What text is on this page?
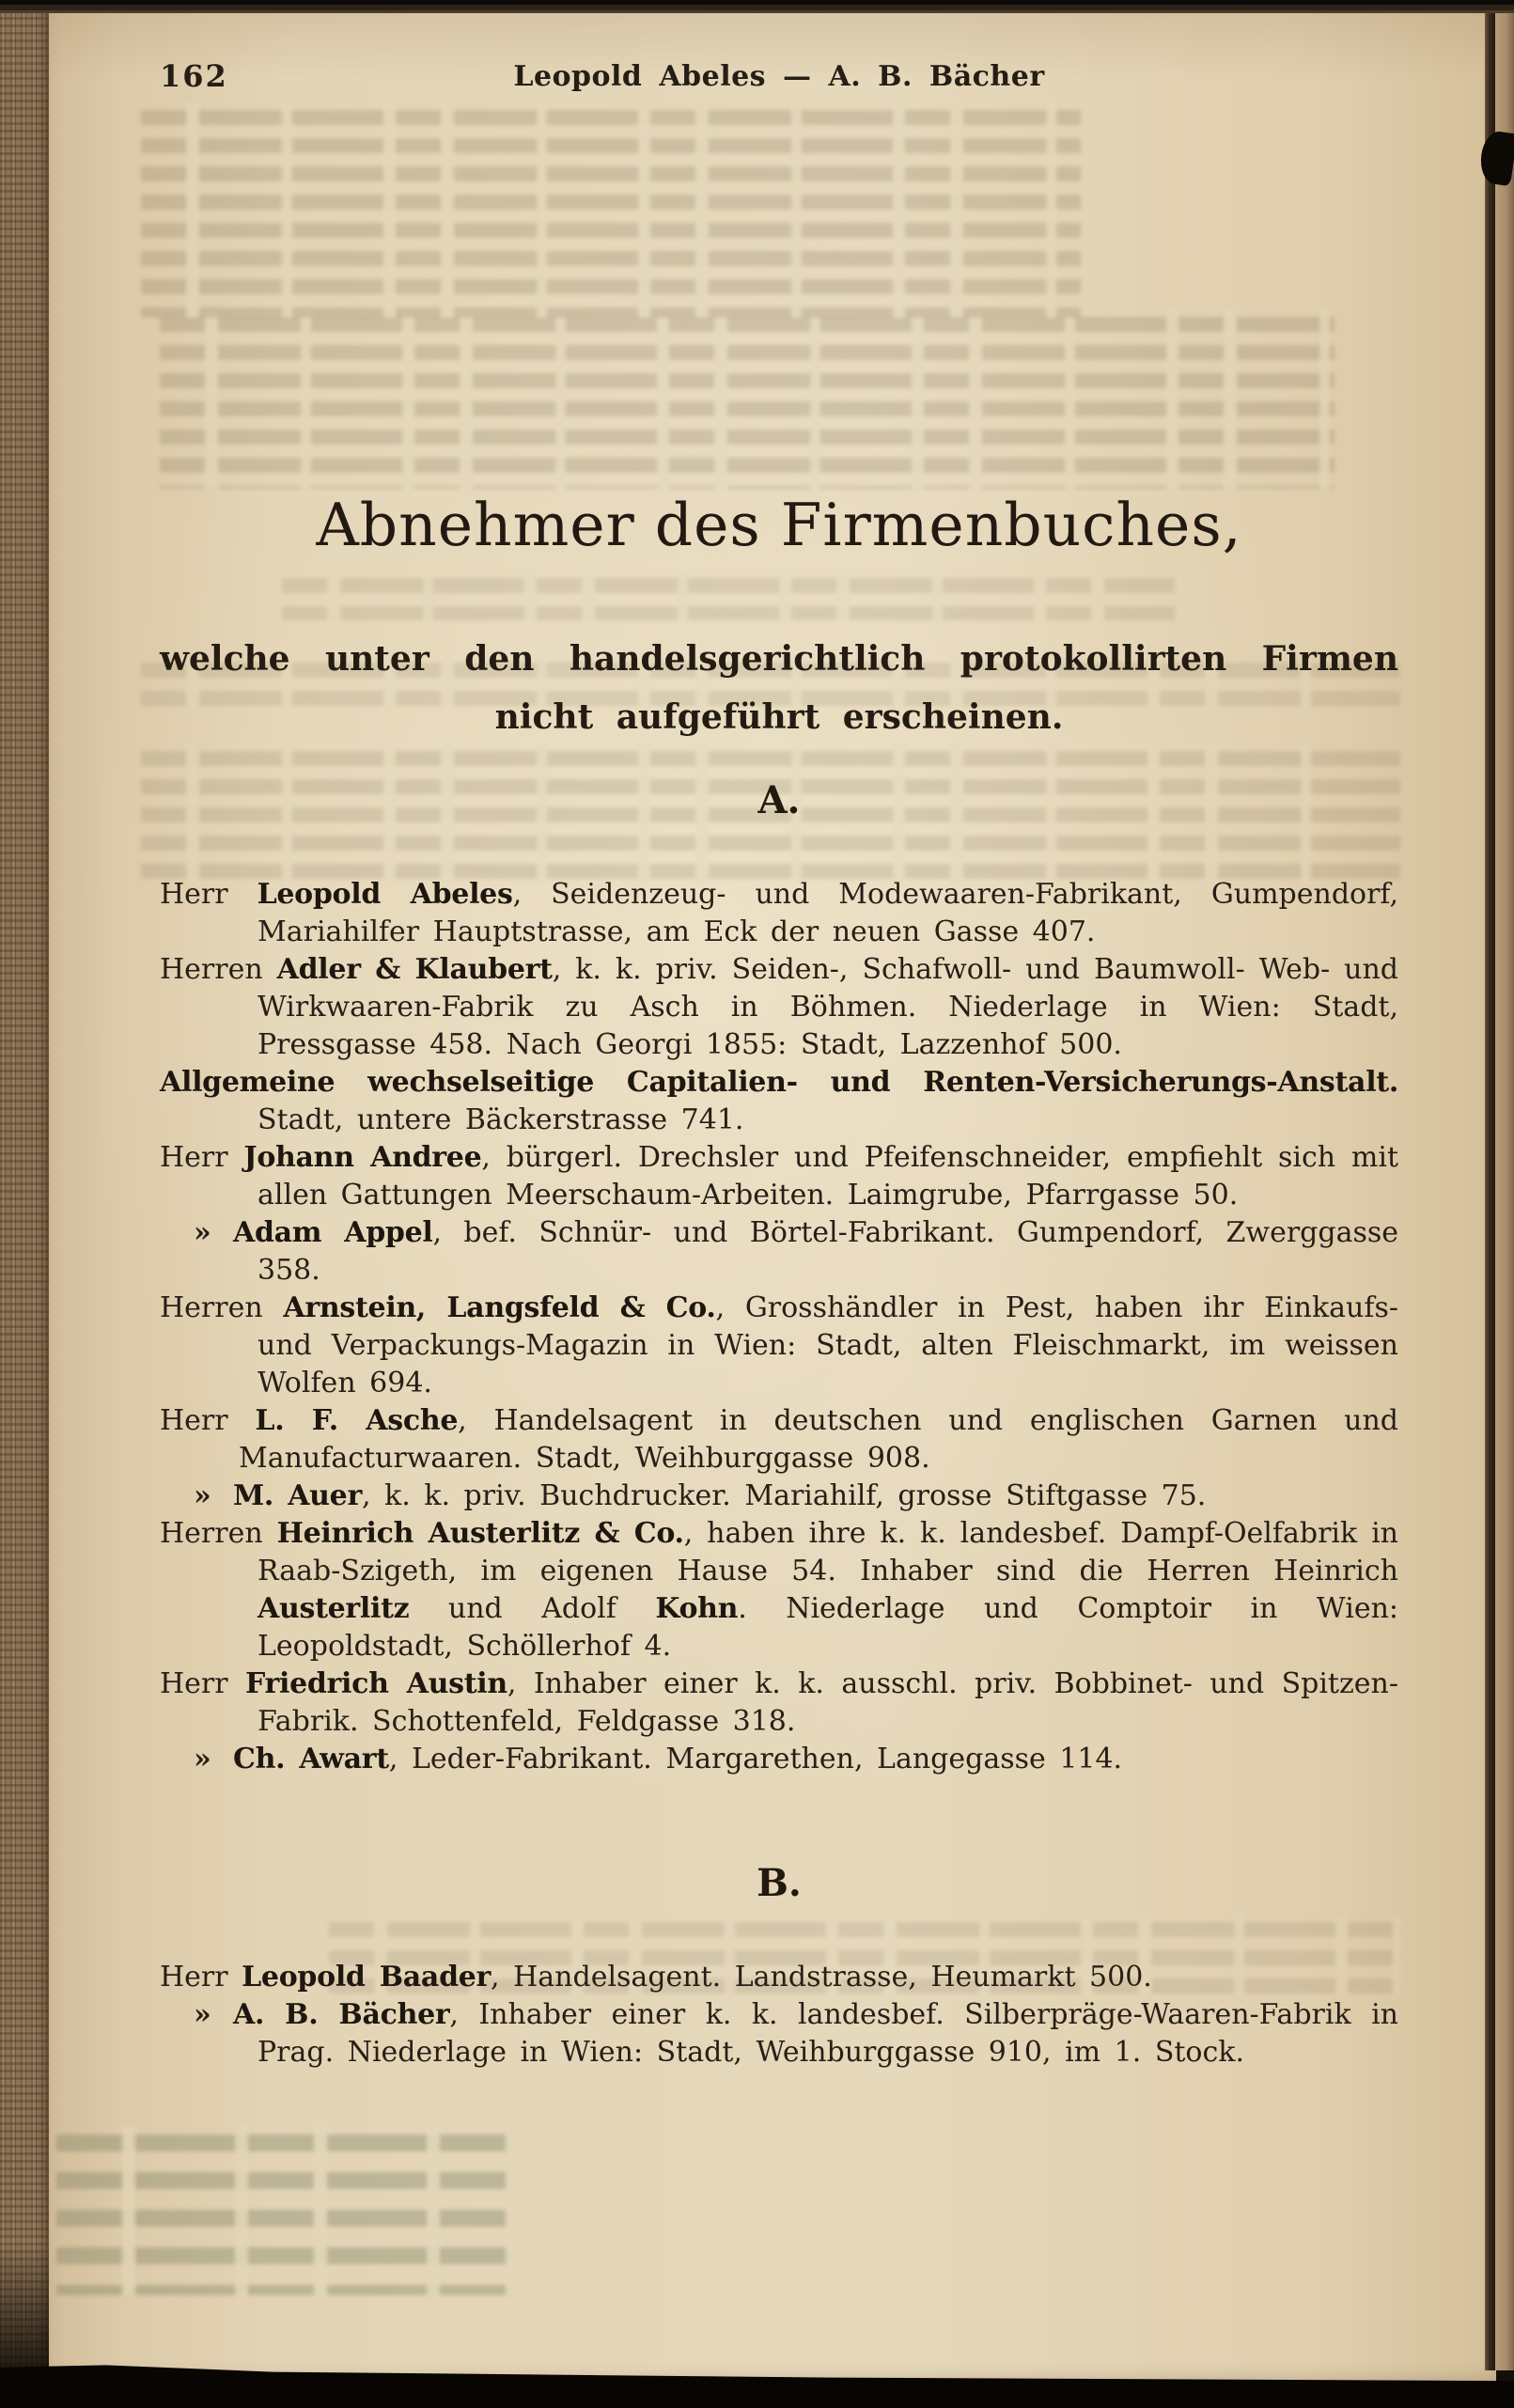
162	Leopold Abeles — A. B. Bächer
Abnehmer des Firmenbuches,
welche unter den handelsgerichtlich protokollirten Firmen
nicht aufgeführt erscheinen.
A.
Herr Leopold Abeles, Seidenzeug- und Modewaaren-Fabrikant, Gumpendorf, Mariahilfer Hauptstrasse, am Eck der neuen Gasse 407.
Herren Adler & Klaubert, k. k. priv. Seiden-, Schafwoll- und Baumwoll- Web- und Wirkwaaren-Fabrik zu Asch in Böhmen. Niederlage in Wien: Stadt, Pressgasse 458. Nach Georgi 1855: Stadt, Lazzenhof 500.
Allgemeine wechselseitige Capitalien- und Renten-Versicherungs-Anstalt. Stadt, untere Bäckerstrasse 741.
Herr Johann Andree, bürgerl. Drechsler und Pfeifenschneider, empfiehlt sich mit allen Gattungen Meerschaum-Arbeiten. Laimgrube, Pfarrgasse 50.
» Adam Appel, bef. Schnür- und Börtel-Fabrikant. Gumpendorf, Zwerggasse 358.
Herren Arnstein, Langsfeld & Co., Grosshändler in Pest, haben ihr Einkaufs- und Verpackungs-Magazin in Wien: Stadt, alten Fleischmarkt, im weissen Wolfen 694.
Herr L. F. Asche, Handelsagent in deutschen und englischen Garnen und Manufacturwaaren. Stadt, Weihburggasse 908.
» M. Auer, k. k. priv. Buchdrucker. Mariahilf, grosse Stiftgasse 75.
Herren Heinrich Austerlitz & Co., haben ihre k. k. landesbef. Dampf-Oelfabrik in Raab-Szigeth, im eigenen Hause 54. Inhaber sind die Herren Heinrich Austerlitz und Adolf Kohn. Niederlage und Comptoir in Wien: Leopoldstadt, Schöllerhof 4.
Herr Friedrich Austin, Inhaber einer k. k. ausschl. priv. Bobbinet- und Spitzen-Fabrik. Schottenfeld, Feldgasse 318.
» Ch. Awart, Leder-Fabrikant. Margarethen, Langegasse 114.
B.
Herr Leopold Baader, Handelsagent. Landstrasse, Heumarkt 500.
» A. B. Bächer, Inhaber einer k. k. landesbef. Silberpräge-Waaren-Fabrik in Prag. Niederlage in Wien: Stadt, Weihburggasse 910, im 1. Stock.
